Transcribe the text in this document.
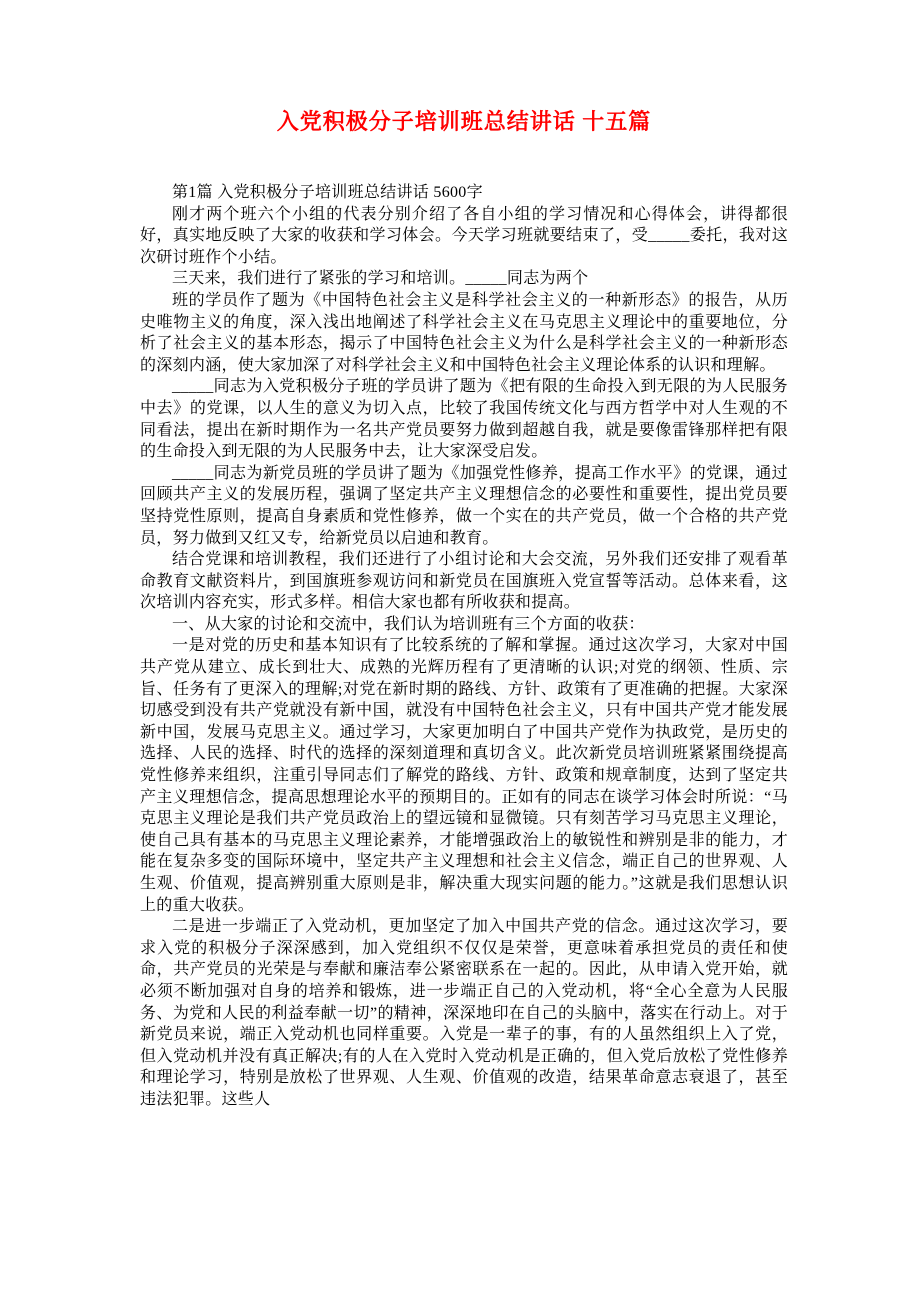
入党积极分子培训班总结讲话 十五篇

第1篇 入党积极分子培训班总结讲话 5600字

刚才两个班六个小组的代表分别介绍了各自小组的学习情况和心得体会，讲得都很好，真实地反映了大家的收获和学习体会。今天学习班就要结束了，受_____委托，我对这次研讨班作个小结。

三天来，我们进行了紧张的学习和培训。_____同志为两个

班的学员作了题为《中国特色社会主义是科学社会主义的一种新形态》的报告，从历史唯物主义的角度，深入浅出地阐述了科学社会主义在马克思主义理论中的重要地位，分析了社会主义的基本形态，揭示了中国特色社会主义为什么是科学社会主义的一种新形态的深刻内涵，使大家加深了对科学社会主义和中国特色社会主义理论体系的认识和理解。

_____同志为入党积极分子班的学员讲了题为《把有限的生命投入到无限的为人民服务中去》的党课，以人生的意义为切入点，比较了我国传统文化与西方哲学中对人生观的不同看法，提出在新时期作为一名共产党员要努力做到超越自我，就是要像雷锋那样把有限的生命投入到无限的为人民服务中去，让大家深受启发。

_____同志为新党员班的学员讲了题为《加强党性修养，提高工作水平》的党课，通过回顾共产主义的发展历程，强调了坚定共产主义理想信念的必要性和重要性，提出党员要坚持党性原则，提高自身素质和党性修养，做一个实在的共产党员，做一个合格的共产党员，努力做到又红又专，给新党员以启迪和教育。

结合党课和培训教程，我们还进行了小组讨论和大会交流，另外我们还安排了观看革命教育文献资料片，到国旗班参观访问和新党员在国旗班入党宣誓等活动。总体来看，这次培训内容充实，形式多样。相信大家也都有所收获和提高。

一、从大家的讨论和交流中，我们认为培训班有三个方面的收获：

一是对党的历史和基本知识有了比较系统的了解和掌握。通过这次学习，大家对中国共产党从建立、成长到壮大、成熟的光辉历程有了更清晰的认识;对党的纲领、性质、宗旨、任务有了更深入的理解;对党在新时期的路线、方针、政策有了更准确的把握。大家深切感受到没有共产党就没有新中国，就没有中国特色社会主义，只有中国共产党才能发展新中国，发展马克思主义。通过学习，大家更加明白了中国共产党作为执政党，是历史的选择、人民的选择、时代的选择的深刻道理和真切含义。此次新党员培训班紧紧围绕提高党性修养来组织，注重引导同志们了解党的路线、方针、政策和规章制度，达到了坚定共产主义理想信念，提高思想理论水平的预期目的。正如有的同志在谈学习体会时所说：“马克思主义理论是我们共产党员政治上的望远镜和显微镜。只有刻苦学习马克思主义理论，使自己具有基本的马克思主义理论素养，才能增强政治上的敏锐性和辨别是非的能力，才能在复杂多变的国际环境中，坚定共产主义理想和社会主义信念，端正自己的世界观、人生观、价值观，提高辨别重大原则是非，解决重大现实问题的能力。”这就是我们思想认识上的重大收获。

二是进一步端正了入党动机，更加坚定了加入中国共产党的信念。通过这次学习，要求入党的积极分子深深感到，加入党组织不仅仅是荣誉，更意味着承担党员的责任和使命，共产党员的光荣是与奉献和廉洁奉公紧密联系在一起的。因此，从申请入党开始，就必须不断加强对自身的培养和锻炼，进一步端正自己的入党动机，将“全心全意为人民服务、为党和人民的利益奉献一切”的精神，深深地印在自己的头脑中，落实在行动上。对于新党员来说，端正入党动机也同样重要。入党是一辈子的事，有的人虽然组织上入了党，但入党动机并没有真正解决;有的人在入党时入党动机是正确的，但入党后放松了党性修养和理论学习，特别是放松了世界观、人生观、价值观的改造，结果革命意志衰退了，甚至违法犯罪。这些人
